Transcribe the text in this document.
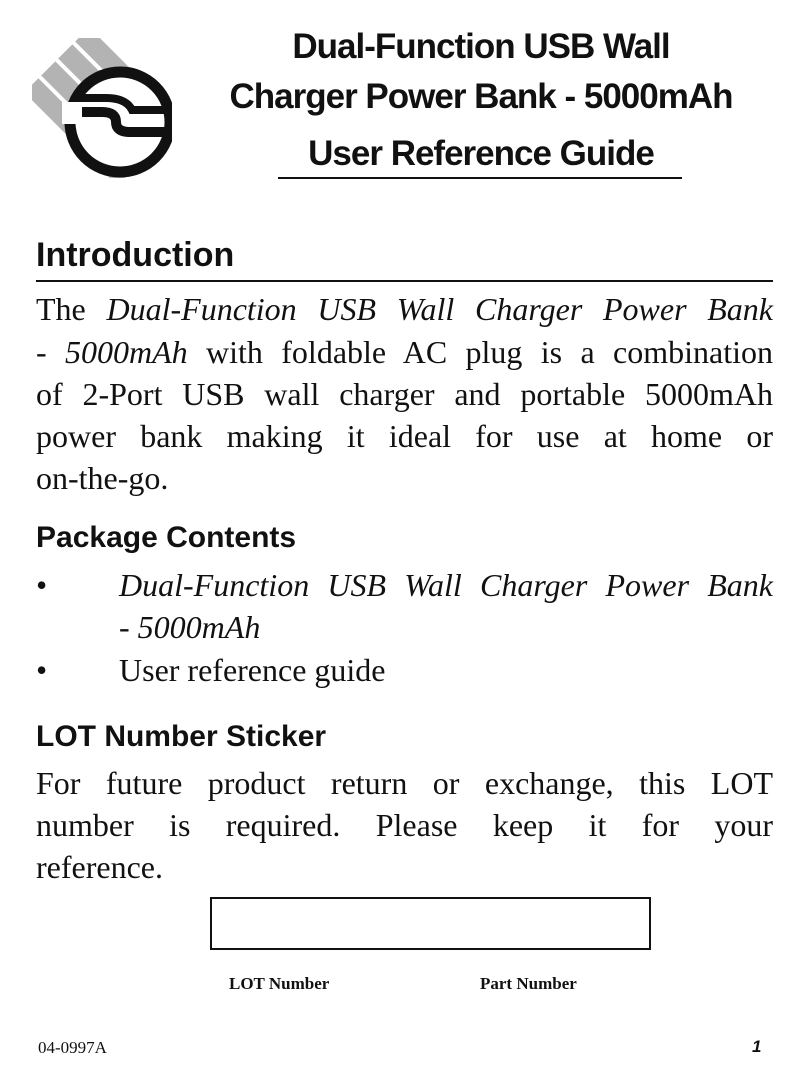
Dual-Function USB Wall
Charger Power Bank - 5000mAh
User Reference Guide
Introduction
The Dual-Function USB Wall Charger Power Bank
- 5000mAh with foldable AC plug is a combination
of 2-Port USB wall charger and portable 5000mAh
power bank making it ideal for use at home or
on-the-go.
Package Contents
• Dual-Function USB Wall Charger Power Bank
- 5000mAh
• User reference guide
LOT Number Sticker
For future product return or exchange, this LOT
number is required. Please keep it for your
reference.
LOT Number	Part Number
04-0997A	1
